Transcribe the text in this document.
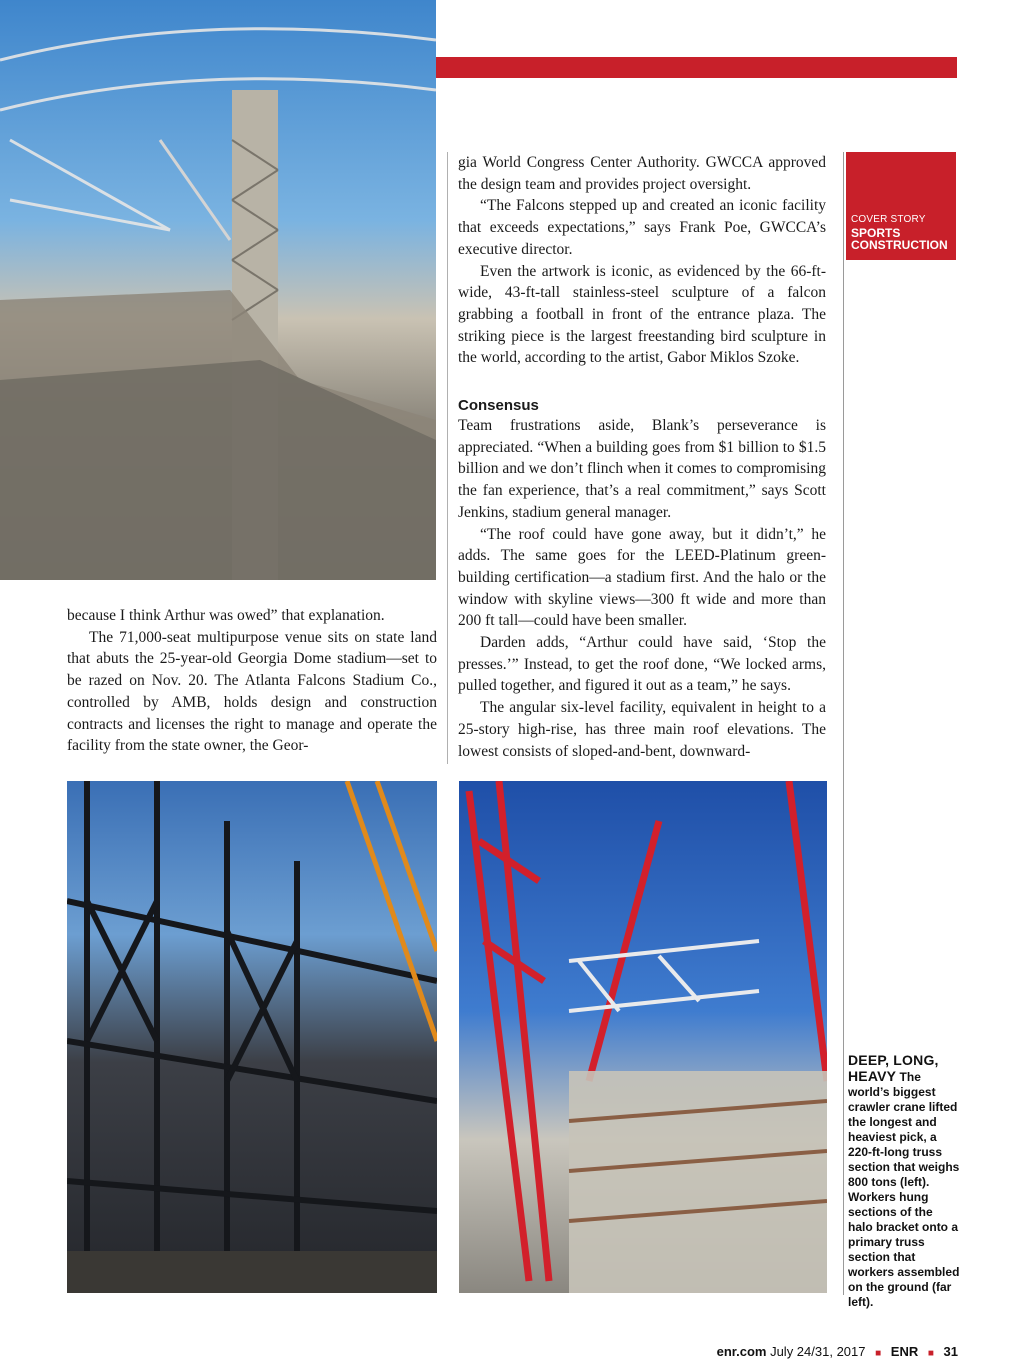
COVER STORY
SPORTS
CONSTRUCTION

because I think Arthur was owed” that explanation.

The 71,000-seat multipurpose venue sits on state land that abuts the 25-year-old Georgia Dome stadium—set to be razed on Nov. 20. The Atlanta Falcons Stadium Co., controlled by AMB, holds design and construction contracts and licenses the right to manage and operate the facility from the state owner, the Geor-

gia World Congress Center Authority. GWCCA approved the design team and provides project oversight.

“The Falcons stepped up and created an iconic facility that exceeds expectations,” says Frank Poe, GWCCA’s executive director.

Even the artwork is iconic, as evidenced by the 66-ft-wide, 43-ft-tall stainless-steel sculpture of a falcon grabbing a football in front of the entrance plaza. The striking piece is the largest freestanding bird sculpture in the world, according to the artist, Gabor Miklos Szoke.

Consensus

Team frustrations aside, Blank’s perseverance is appreciated. “When a building goes from $1 billion to $1.5 billion and we don’t flinch when it comes to compromising the fan experience, that’s a real commitment,” says Scott Jenkins, stadium general manager.

“The roof could have gone away, but it didn’t,” he adds. The same goes for the LEED-Platinum green-building certification—a stadium first. And the halo or the window with skyline views—300 ft wide and more than 200 ft tall—could have been smaller.

Darden adds, “Arthur could have said, ‘Stop the presses.’” Instead, to get the roof done, “We locked arms, pulled together, and figured it out as a team,” he says.

The angular six-level facility, equivalent in height to a 25-story high-rise, has three main roof elevations. The lowest consists of sloped-and-bent, downward-

DEEP, LONG, HEAVY The world’s biggest crawler crane lifted the longest and heaviest pick, a 220-ft-long truss section that weighs 800 tons (left). Workers hung sections of the halo bracket onto a primary truss section that workers assembled on the ground (far left).
enr.com July 24/31, 2017 ■ ENR ■ 31
